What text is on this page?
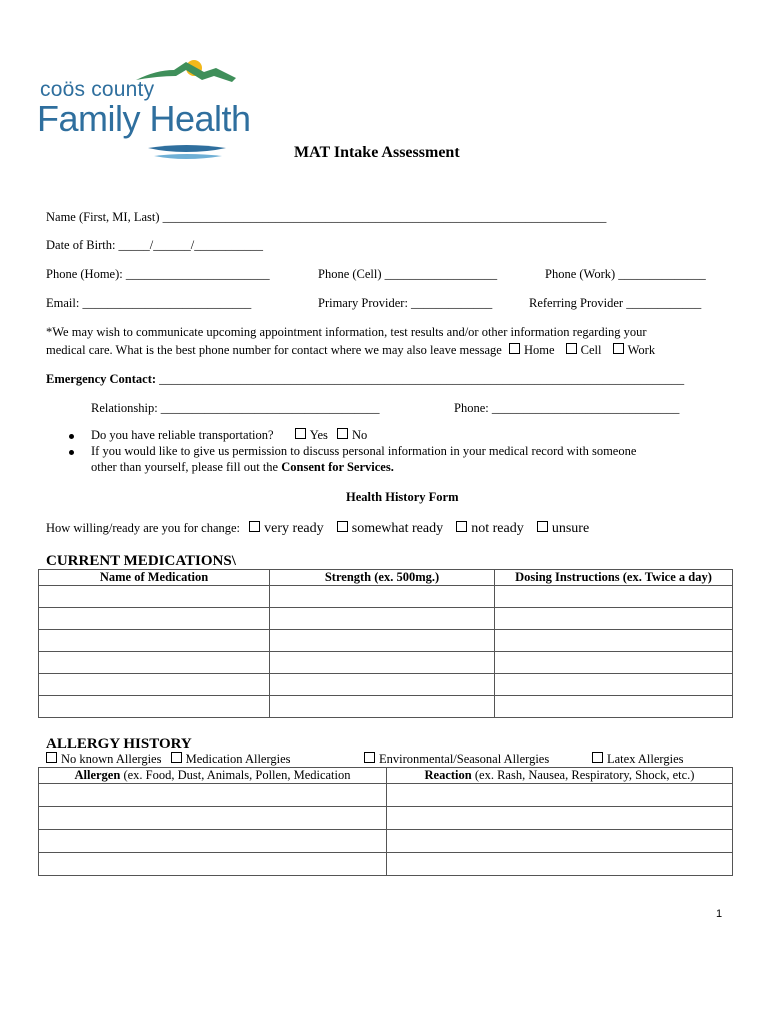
coös county
Family Health
MAT Intake Assessment
Name (First, MI, Last) _______________________________________________________________________
Date of Birth: _____/______/___________
Phone (Home): _______________________	Phone (Cell) __________________	Phone (Work) ______________
Email: ___________________________	Primary Provider: _____________	Referring Provider ____________
*We may wish to communicate upcoming appointment information, test results and/or other information regarding your
medical care. What is the best phone number for contact where we may also leave message Home Cell Work
Emergency Contact: ____________________________________________________________________________________
Relationship: ___________________________________	Phone: ______________________________
Do you have reliable transportation?	Yes No
If you would like to give us permission to discuss personal information in your medical record with someone
other than yourself, please fill out the Consent for Services.
Health History Form
How willing/ready are you for change: very ready somewhat ready not ready unsure
CURRENT MEDICATIONS\
Name of Medication	Strength (ex. 500mg.)	Dosing Instructions (ex. Twice a day)

ALLERGY HISTORY
No known Allergies Medication Allergies	Environmental/Seasonal Allergies	Latex Allergies
Allergen (ex. Food, Dust, Animals, Pollen, Medication	Reaction (ex. Rash, Nausea, Respiratory, Shock, etc.)

1
